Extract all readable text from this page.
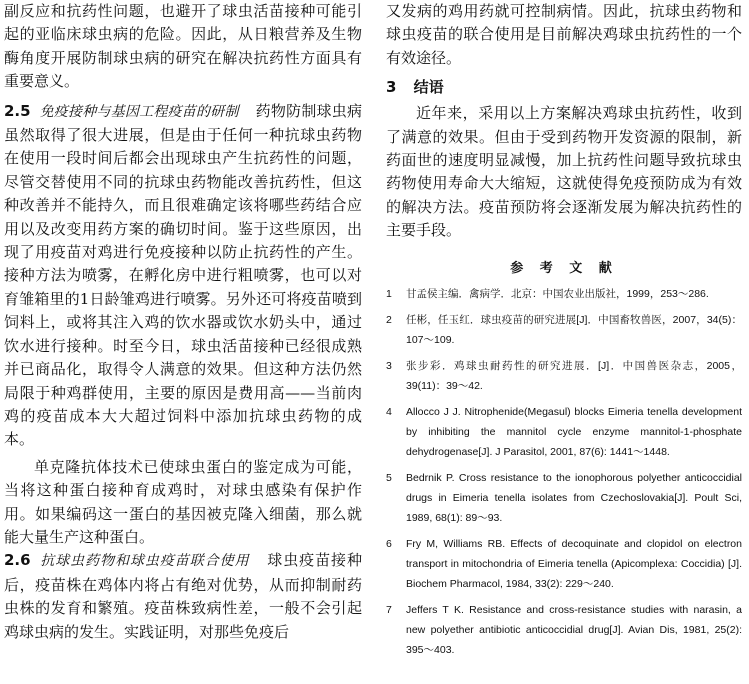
副反应和抗药性问题，也避开了球虫活苗接种可能引起的亚临床球虫病的危险。因此，从日粮营养及生物酶角度开展防制球虫病的研究在解决抗药性方面具有重要意义。

2.5 免疫接种与基因工程疫苗的研制 药物防制球虫病虽然取得了很大进展，但是由于任何一种抗球虫药物在使用一段时间后都会出现球虫产生抗药性的问题，尽管交替使用不同的抗球虫药物能改善抗药性，但这种改善并不能持久，而且很难确定该将哪些药结合应用以及改变用药方案的确切时间。鉴于这些原因，出现了用疫苗对鸡进行免疫接种以防止抗药性的产生。接种方法为喷雾，在孵化房中进行粗喷雾，也可以对育雏箱里的1日龄雏鸡进行喷雾。另外还可将疫苗喷到饲料上，或将其注入鸡的饮水器或饮水奶头中，通过饮水进行接种。时至今日，球虫活苗接种已经很成熟并已商品化，取得令人满意的效果。但这种方法仍然局限于种鸡群使用，主要的原因是费用高——当前肉鸡的疫苗成本大大超过饲料中添加抗球虫药物的成本。

单克隆抗体技术已使球虫蛋白的鉴定成为可能，当将这种蛋白接种育成鸡时，对球虫感染有保护作用。如果编码这一蛋白的基因被克隆入细菌，那么就能大量生产这种蛋白。

2.6 抗球虫药物和球虫疫苗联合使用 球虫疫苗接种后，疫苗株在鸡体内将占有绝对优势，从而抑制耐药虫株的发育和繁殖。疫苗株致病性差，一般不会引起鸡球虫病的发生。实践证明，对那些免疫后

又发病的鸡用药就可控制病情。因此，抗球虫药物和球虫疫苗的联合使用是目前解决鸡球虫抗药性的一个有效途径。

3 结语

近年来，采用以上方案解决鸡球虫抗药性，收到了满意的效果。但由于受到药物开发资源的限制，新药面世的速度明显减慢，加上抗药性问题导致抗球虫药物使用寿命大大缩短，这就使得免疫预防成为有效的解决方法。疫苗预防将会逐渐发展为解决抗药性的主要手段。

参 考 文 献
1	甘孟侯主编．禽病学．北京：中国农业出版社，1999，253～286.
2	任彬，任玉红．球虫疫苗的研究进展[J]．中国畜牧兽医，2007，34(5)：107～109.
3	张步彩．鸡球虫耐药性的研究进展．[J]．中国兽医杂志，2005，39(11)：39～42.
4	Allocco J J. Nitrophenide(Megasul) blocks Eimeria tenella development by inhibiting the mannitol cycle enzyme mannitol-1-phosphate dehydrogenase[J]. J Parasitol, 2001, 87(6): 1441～1448.
5	Bedrnik P. Cross resistance to the ionophorous polyether anticoccidial drugs in Eimeria tenella isolates from Czechoslovakia[J]. Poult Sci, 1989, 68(1): 89～93.
6	Fry M, Williams RB. Effects of decoquinate and clopidol on electron transport in mitochondria of Eimeria tenella (Apicomplexa: Coccidia) [J]. Biochem Pharmacol, 1984, 33(2): 229～240.
7	Jeffers T K. Resistance and cross-resistance studies with narasin, a new polyether antibiotic anticoccidial drug[J]. Avian Dis, 1981, 25(2): 395～403.
